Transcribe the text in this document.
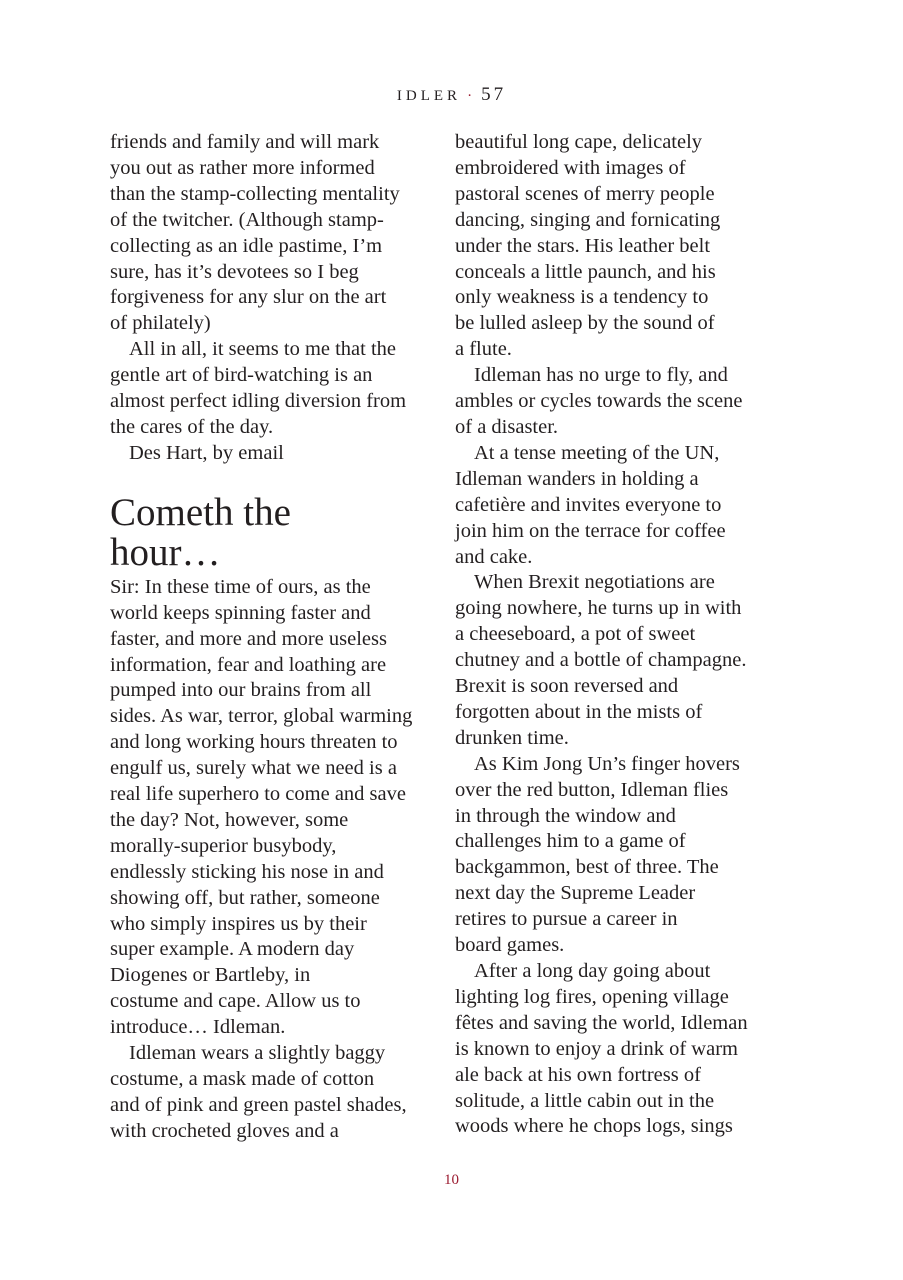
IDLER · 57
friends and family and will mark
you out as rather more informed
than the stamp-collecting mentality
of the twitcher. (Although stamp-
collecting as an idle pastime, I’m
sure, has it’s devotees so I beg
forgiveness for any slur on the art
of philately)
All in all, it seems to me that the
gentle art of bird-watching is an
almost perfect idling diversion from
the cares of the day.
Des Hart, by email
Cometh the
hour…
Sir: In these time of ours, as the
world keeps spinning faster and
faster, and more and more useless
information, fear and loathing are
pumped into our brains from all
sides. As war, terror, global warming
and long working hours threaten to
engulf us, surely what we need is a
real life superhero to come and save
the day? Not, however, some
morally-superior busybody,
endlessly sticking his nose in and
showing off, but rather, someone
who simply inspires us by their
super example. A modern day
Diogenes or Bartleby, in
costume and cape. Allow us to
introduce… Idleman.
Idleman wears a slightly baggy
costume, a mask made of cotton
and of pink and green pastel shades,
with crocheted gloves and a
beautiful long cape, delicately
embroidered with images of
pastoral scenes of merry people
dancing, singing and fornicating
under the stars. His leather belt
conceals a little paunch, and his
only weakness is a tendency to
be lulled asleep by the sound of
a flute.
Idleman has no urge to fly, and
ambles or cycles towards the scene
of a disaster.
At a tense meeting of the UN,
Idleman wanders in holding a
cafetière and invites everyone to
join him on the terrace for coffee
and cake.
When Brexit negotiations are
going nowhere, he turns up in with
a cheeseboard, a pot of sweet
chutney and a bottle of champagne.
Brexit is soon reversed and
forgotten about in the mists of
drunken time.
As Kim Jong Un’s finger hovers
over the red button, Idleman flies
in through the window and
challenges him to a game of
backgammon, best of three. The
next day the Supreme Leader
retires to pursue a career in
board games.
After a long day going about
lighting log fires, opening village
fêtes and saving the world, Idleman
is known to enjoy a drink of warm
ale back at his own fortress of
solitude, a little cabin out in the
woods where he chops logs, sings
10
